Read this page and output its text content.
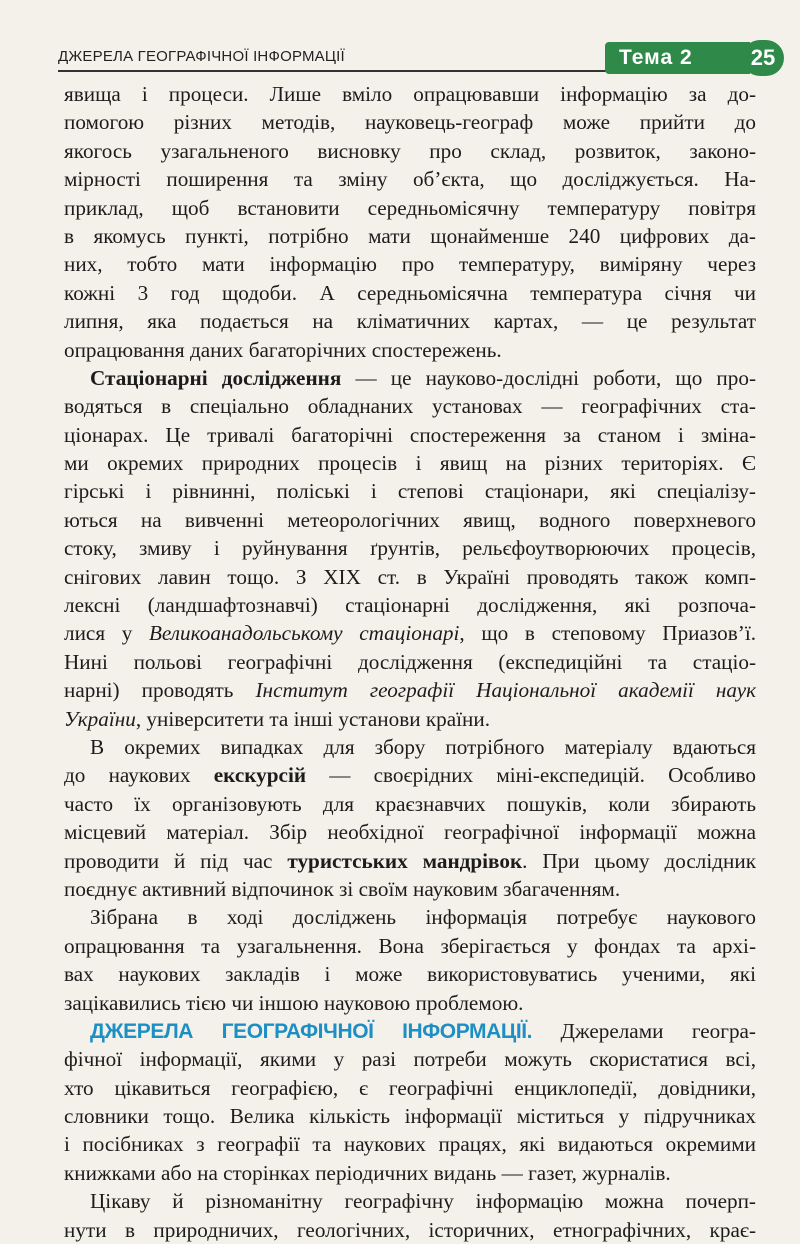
ДЖЕРЕЛА ГЕОГРАФІЧНОЇ ІНФОРМАЦІЇ	Тема 2	25
явища і процеси. Лише вміло опрацювавши інформацію за до-
помогою різних методів, науковець-географ може прийти до
якогось узагальненого висновку про склад, розвиток, законо-
мірності поширення та зміну об’єкта, що досліджується. На-
приклад, щоб встановити середньомісячну температуру повітря
в якомусь пункті, потрібно мати щонайменше 240 цифрових да-
них, тобто мати інформацію про температуру, виміряну через
кожні 3 год щодоби. А середньомісячна температура січня чи
липня, яка подається на кліматичних картах, — це результат
опрацювання даних багаторічних спостережень.
Стаціонарні дослідження — це науково-дослідні роботи, що про-
водяться в спеціально обладнаних установах — географічних ста-
ціонарах. Це тривалі багаторічні спостереження за станом і зміна-
ми окремих природних процесів і явищ на різних територіях. Є
гірські і рівнинні, поліські і степові стаціонари, які спеціалізу-
ються на вивченні метеорологічних явищ, водного поверхневого
стоку, змиву і руйнування ґрунтів, рельєфоутворюючих процесів,
снігових лавин тощо. З XIX ст. в Україні проводять також комп-
лексні (ландшафтознавчі) стаціонарні дослідження, які розпоча-
лися у Великоанадольському стаціонарі, що в степовому Приазов’ї.
Нині польові географічні дослідження (експедиційні та стаціо-
нарні) проводять Інститут географії Національної академії наук
України, університети та інші установи країни.
В окремих випадках для збору потрібного матеріалу вдаються
до наукових екскурсій — своєрідних міні-експедицій. Особливо
часто їх організовують для краєзнавчих пошуків, коли збирають
місцевий матеріал. Збір необхідної географічної інформації можна
проводити й під час туристських мандрівок. При цьому дослідник
поєднує активний відпочинок зі своїм науковим збагаченням.
Зібрана в ході досліджень інформація потребує наукового
опрацювання та узагальнення. Вона зберігається у фондах та архі-
вах наукових закладів і може використовуватись ученими, які
зацікавились тією чи іншою науковою проблемою.
ДЖЕРЕЛА ГЕОГРАФІЧНОЇ ІНФОРМАЦІЇ. Джерелами геогра-
фічної інформації, якими у разі потреби можуть скористатися всі,
хто цікавиться географією, є географічні енциклопедії, довідники,
словники тощо. Велика кількість інформації міститься у підручниках
і посібниках з географії та наукових працях, які видаються окремими
книжками або на сторінках періодичних видань — газет, журналів.
Цікаву й різноманітну географічну інформацію можна почерп-
нути в природничих, геологічних, історичних, етнографічних, крає-
